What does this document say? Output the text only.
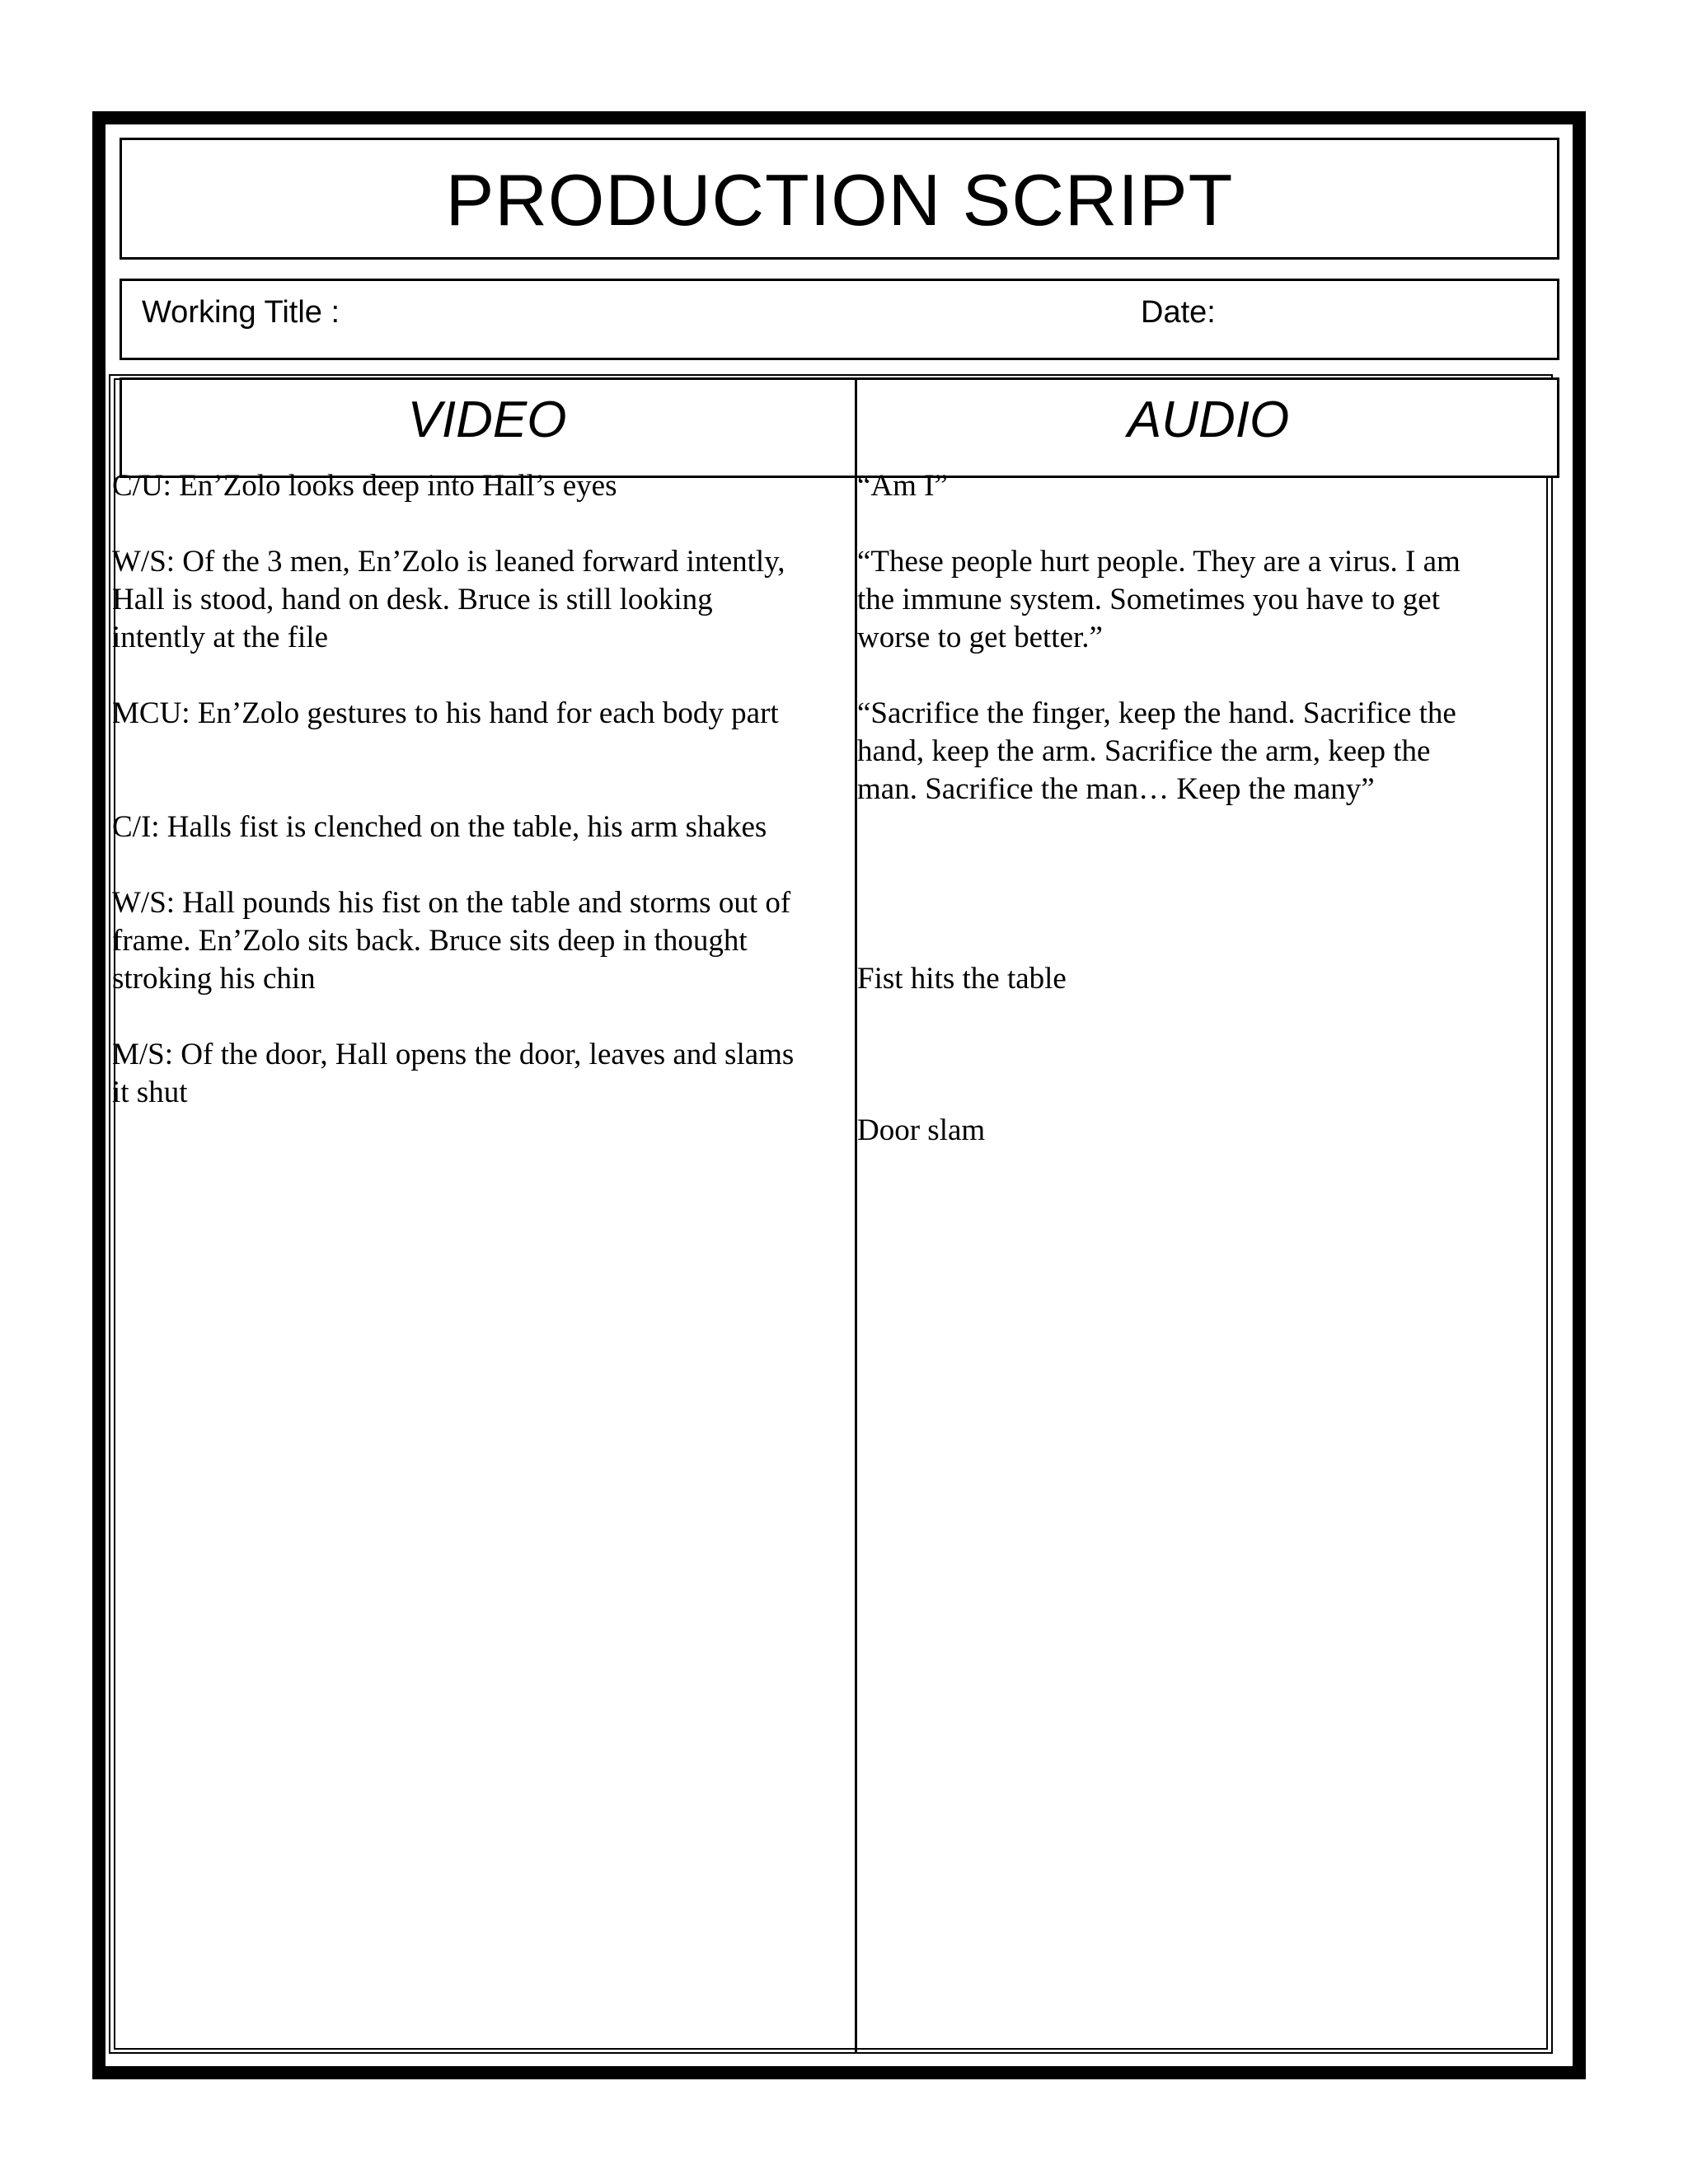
PRODUCTION SCRIPT
Working Title :	Date:
VIDEO	AUDIO

C/U: En’Zolo looks deep into Hall’s eyes

W/S: Of the 3 men, En’Zolo is leaned forward intently,
Hall is stood, hand on desk. Bruce is still looking
intently at the file

MCU: En’Zolo gestures to his hand for each body part

C/I: Halls fist is clenched on the table, his arm shakes

W/S: Hall pounds his fist on the table and storms out of
frame. En’Zolo sits back. Bruce sits deep in thought
stroking his chin

M/S: Of the door, Hall opens the door, leaves and slams
it shut

“Am I”

“These people hurt people. They are a virus. I am
the immune system. Sometimes you have to get
worse to get better.”

“Sacrifice the finger, keep the hand. Sacrifice the
hand, keep the arm. Sacrifice the arm, keep the
man. Sacrifice the man… Keep the many”

Fist hits the table

Door slam
